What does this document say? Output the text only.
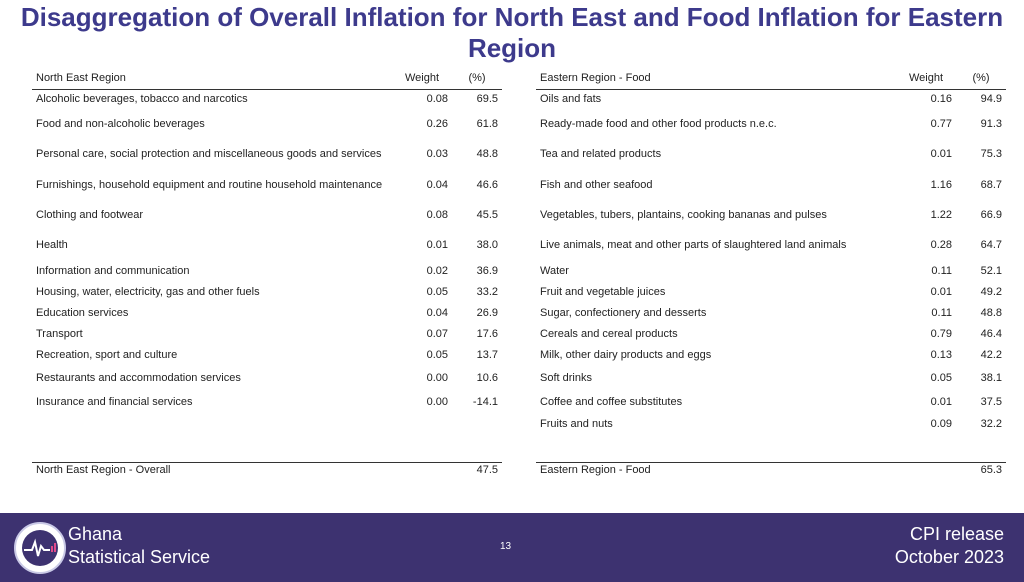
Disaggregation of Overall Inflation for North East and Food Inflation for Eastern Region
North East Region	Weight	(%)
Alcoholic beverages, tobacco and narcotics	0.08	69.5
Food and non-alcoholic beverages	0.26	61.8
Personal care, social protection and miscellaneous goods and services	0.03	48.8
Furnishings, household equipment and routine household maintenance	0.04	46.6
Clothing and footwear	0.08	45.5
Health	0.01	38.0
Information and communication	0.02	36.9
Housing, water, electricity, gas and other fuels	0.05	33.2
Education services	0.04	26.9
Transport	0.07	17.6
Recreation, sport and culture	0.05	13.7
Restaurants and accommodation services	0.00	10.6
Insurance and financial services	0.00	-14.1

North East Region - Overall		47.5
Eastern Region - Food	Weight	(%)
Oils and fats	0.16	94.9
Ready-made food and other food products n.e.c.	0.77	91.3
Tea and related products	0.01	75.3
Fish and other seafood	1.16	68.7
Vegetables, tubers, plantains, cooking bananas and pulses	1.22	66.9
Live animals, meat and other parts of slaughtered land animals	0.28	64.7
Water	0.11	52.1
Fruit and vegetable juices	0.01	49.2
Sugar, confectionery and desserts	0.11	48.8
Cereals and cereal products	0.79	46.4
Milk, other dairy products and eggs	0.13	42.2
Soft drinks	0.05	38.1
Coffee and coffee substitutes	0.01	37.5
Fruits and nuts	0.09	32.2

Eastern Region - Food		65.3
Ghana
Statistical Service
13
CPI release
October 2023
